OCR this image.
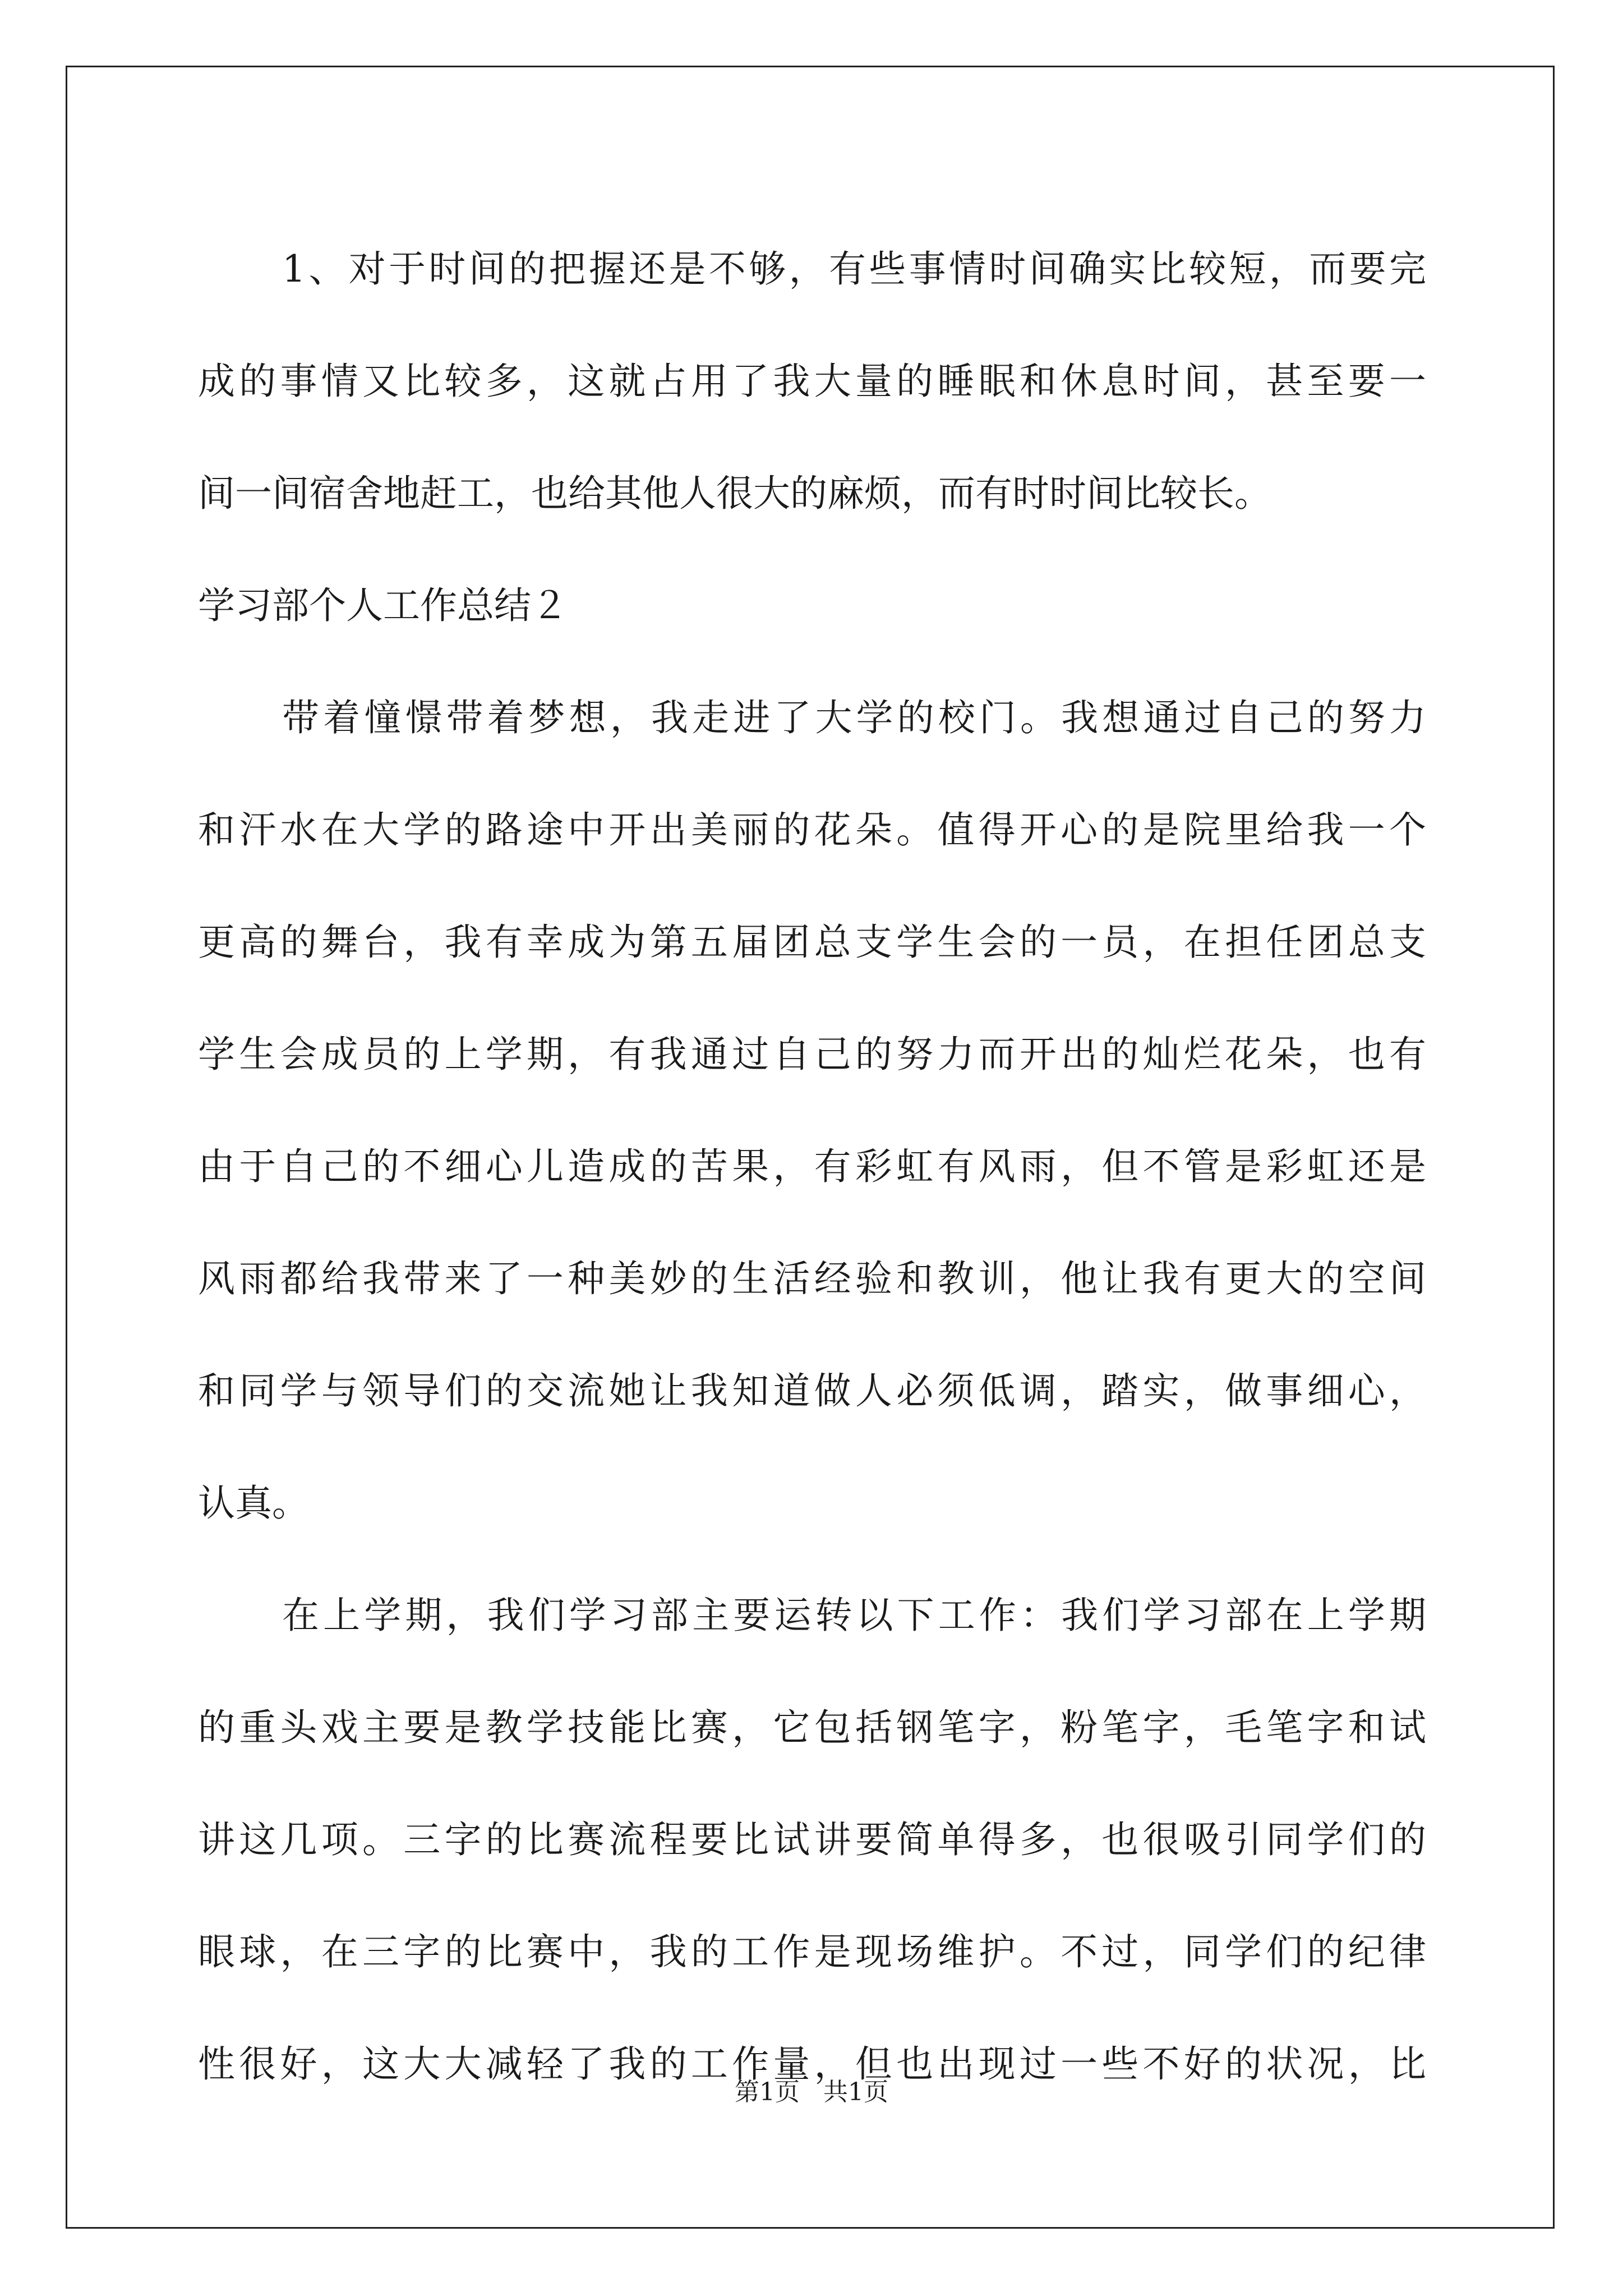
1、对于时间的把握还是不够，有些事情时间确实比较短，而要完
成的事情又比较多，这就占用了我大量的睡眠和休息时间，甚至要一
间一间宿舍地赶工，也给其他人很大的麻烦，而有时时间比较长。
学习部个人工作总结２
带着憧憬带着梦想，我走进了大学的校门。我想通过自己的努力
和汗水在大学的路途中开出美丽的花朵。值得开心的是院里给我一个
更高的舞台，我有幸成为第五届团总支学生会的一员，在担任团总支
学生会成员的上学期，有我通过自己的努力而开出的灿烂花朵，也有
由于自己的不细心儿造成的苦果，有彩虹有风雨，但不管是彩虹还是
风雨都给我带来了一种美妙的生活经验和教训，他让我有更大的空间
和同学与领导们的交流她让我知道做人必须低调，踏实，做事细心，
认真。
在上学期，我们学习部主要运转以下工作：我们学习部在上学期
的重头戏主要是教学技能比赛，它包括钢笔字，粉笔字，毛笔字和试
讲这几项。三字的比赛流程要比试讲要简单得多，也很吸引同学们的
眼球，在三字的比赛中，我的工作是现场维护。不过，同学们的纪律
性很好，这大大减轻了我的工作量，但也出现过一些不好的状况，比
第1页 共1页
